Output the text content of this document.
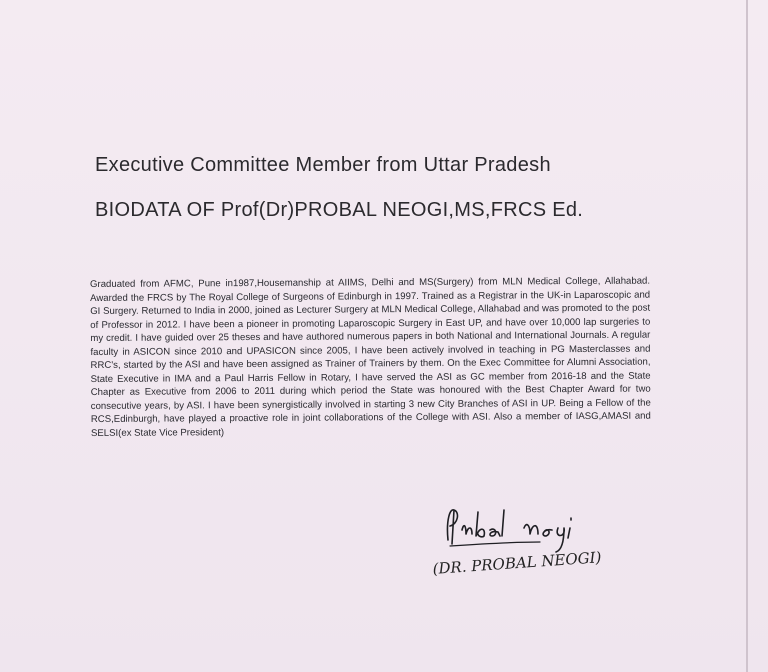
Executive Committee Member from Uttar Pradesh
BIODATA OF Prof(Dr)PROBAL NEOGI,MS,FRCS Ed.
Graduated from AFMC, Pune in1987,Housemanship at AIIMS, Delhi and MS(Surgery) from MLN Medical College, Allahabad. Awarded the FRCS by The Royal College of Surgeons of Edinburgh in 1997. Trained as a Registrar in the UK-in Laparoscopic and GI Surgery. Returned to India in 2000, joined as Lecturer Surgery at MLN Medical College, Allahabad and was promoted to the post of Professor in 2012. I have been a pioneer in promoting Laparoscopic Surgery in East UP, and have over 10,000 lap surgeries to my credit. I have guided over 25 theses and have authored numerous papers in both National and International Journals. A regular faculty in ASICON since 2010 and UPASICON since 2005, I have been actively involved in teaching in PG Masterclasses and RRC's, started by the ASI and have been assigned as Trainer of Trainers by them. On the Exec Committee for Alumni Association, State Executive in IMA and a Paul Harris Fellow in Rotary, I have served the ASI as GC member from 2016-18 and the State Chapter as Executive from 2006 to 2011 during which period the State was honoured with the Best Chapter Award for two consecutive years, by ASI. I have been synergistically involved in starting 3 new City Branches of ASI in UP. Being a Fellow of the RCS,Edinburgh, have played a proactive role in joint collaborations of the College with ASI. Also a member of IASG,AMASI and SELSI(ex State Vice President)
(DR. PROBAL NEOGI)
